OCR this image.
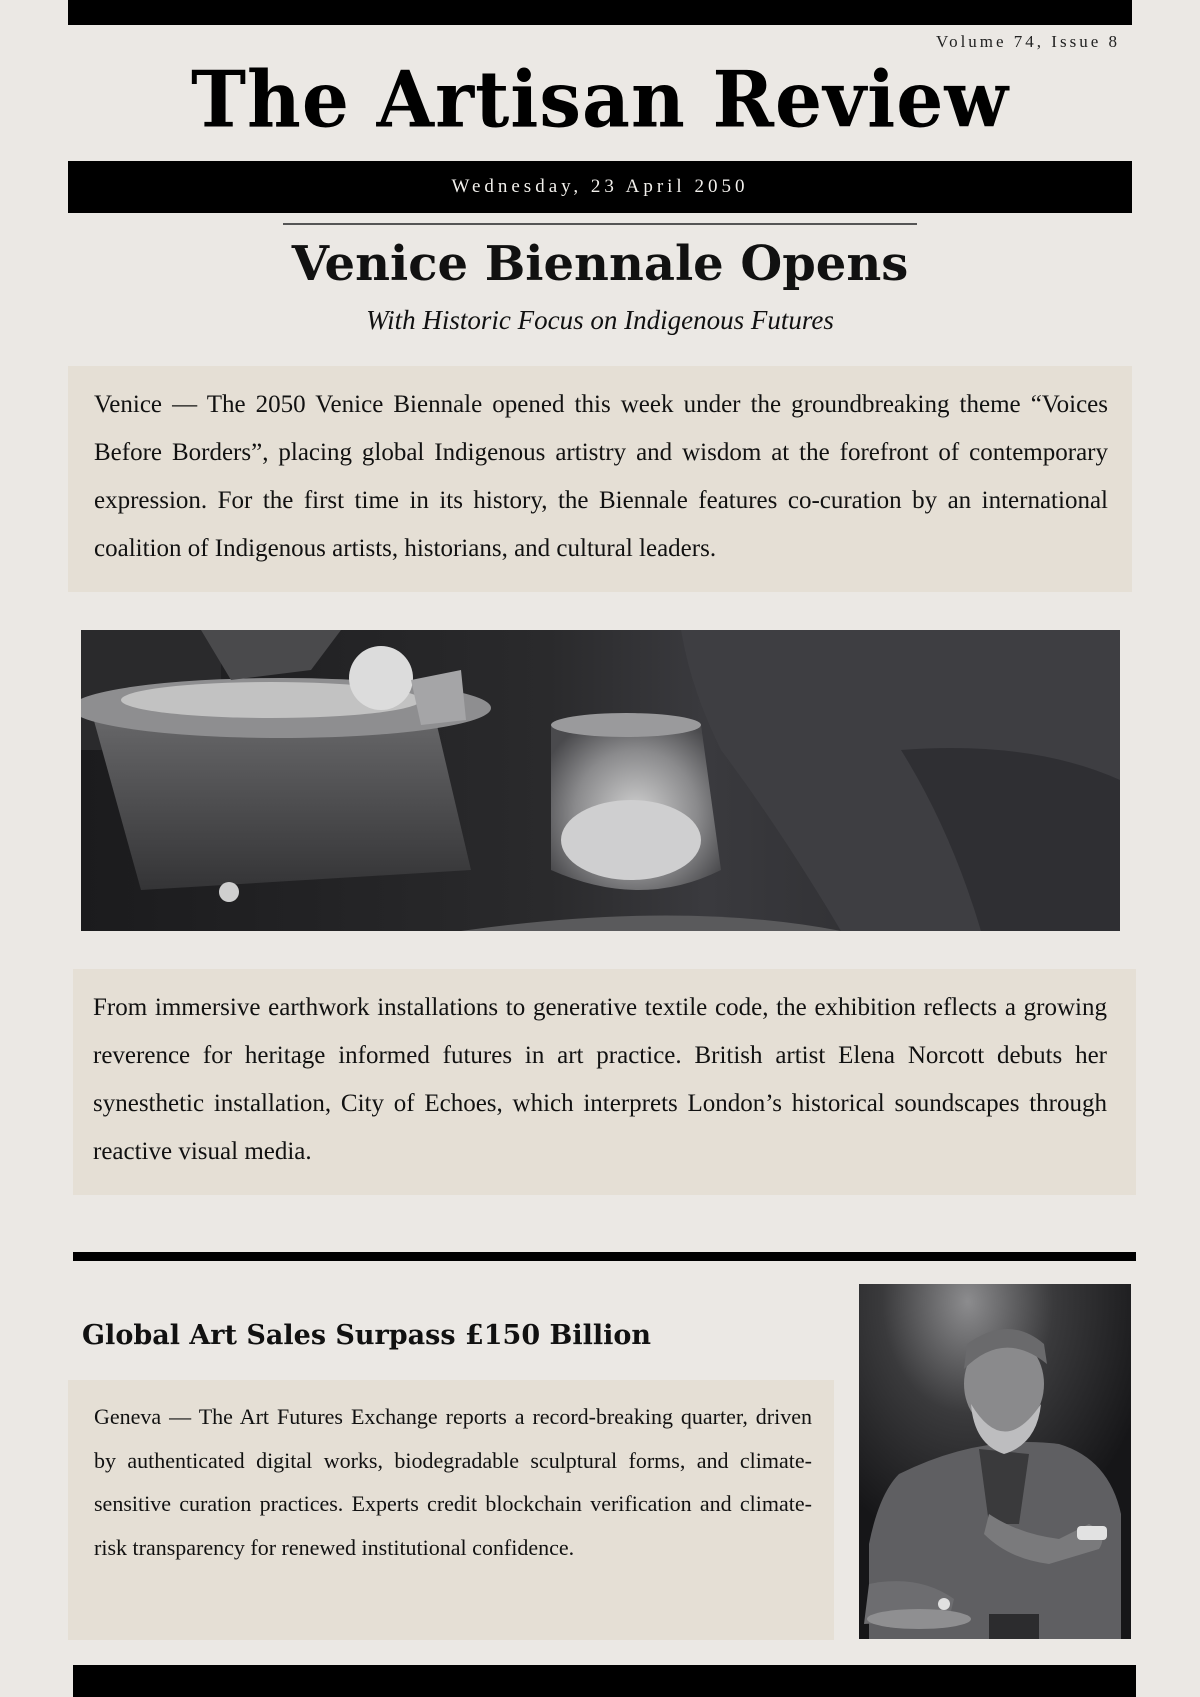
Volume 74, Issue 8
The Artisan Review
Wednesday, 23 April 2050
Venice Biennale Opens
With Historic Focus on Indigenous Futures

Venice — The 2050 Venice Biennale opened this week under the groundbreaking theme “Voices Before Borders”, placing global Indigenous artistry and wisdom at the forefront of contemporary expression. For the first time in its history, the Biennale features co-curation by an international coalition of Indigenous artists, historians, and cultural leaders.

From immersive earthwork installations to generative textile code, the exhibition reflects a growing reverence for heritage informed futures in art practice. British artist Elena Norcott debuts her synesthetic installation, City of Echoes, which interprets London’s historical soundscapes through reactive visual media.

Global Art Sales Surpass £150 Billion

Geneva — The Art Futures Exchange reports a record-breaking quarter, driven by authenticated digital works, biodegradable sculptural forms, and climate-sensitive curation practices. Experts credit blockchain verification and climate-risk transparency for renewed institutional confidence.
